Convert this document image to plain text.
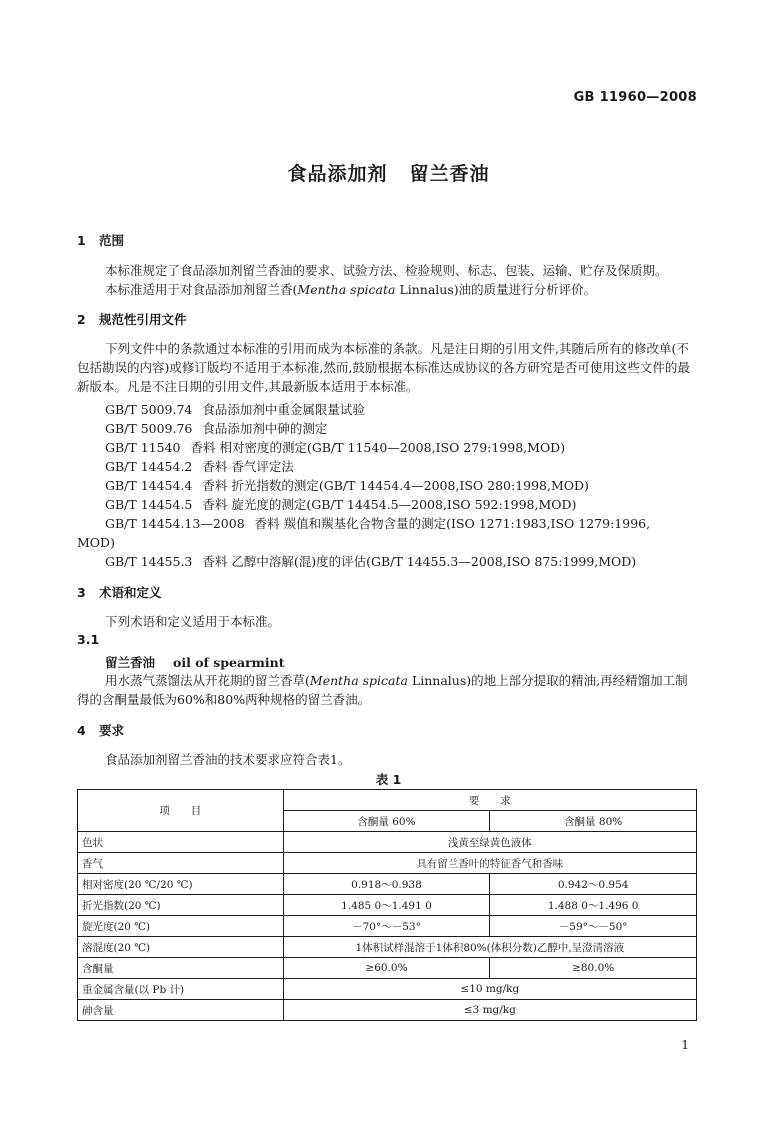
GB 11960—2008
食品添加剂 留兰香油
1 范围
本标准规定了食品添加剂留兰香油的要求、试验方法、检验规则、标志、包装、运输、贮存及保质期。
本标准适用于对食品添加剂留兰香(Mentha spicata Linnalus)油的质量进行分析评价。
2 规范性引用文件
下列文件中的条款通过本标准的引用而成为本标准的条款。凡是注日期的引用文件,其随后所有的修改单(不包括勘误的内容)或修订版均不适用于本标准,然而,鼓励根据本标准达成协议的各方研究是否可使用这些文件的最新版本。凡是不注日期的引用文件,其最新版本适用于本标准。
GB/T 5009.74 食品添加剂中重金属限量试验
GB/T 5009.76 食品添加剂中砷的测定
GB/T 11540 香料 相对密度的测定(GB/T 11540—2008,ISO 279:1998,MOD)
GB/T 14454.2 香料 香气评定法
GB/T 14454.4 香料 折光指数的测定(GB/T 14454.4—2008,ISO 280:1998,MOD)
GB/T 14454.5 香料 旋光度的测定(GB/T 14454.5—2008,ISO 592:1998,MOD)
GB/T 14454.13—2008 香料 羰值和羰基化合物含量的测定(ISO 1271:1983,ISO 1279:1996,
MOD)
GB/T 14455.3 香料 乙醇中溶解(混)度的评估(GB/T 14455.3—2008,ISO 875:1999,MOD)
3 术语和定义
下列术语和定义适用于本标准。
3.1
留兰香油 oil of spearmint
用水蒸气蒸馏法从开花期的留兰香草(Mentha spicata Linnalus)的地上部分提取的精油,再经精馏加工制得的含酮量最低为60%和80%两种规格的留兰香油。
4 要求
食品添加剂留兰香油的技术要求应符合表1。
表 1
项　　目	要　　求	
	含酮量 60%	含酮量 80%
色状	浅黄至绿黄色液体	
香气	具有留兰香叶的特征香气和香味	
相对密度(20 ℃/20 ℃)	0.918～0.938	0.942～0.954
折光指数(20 ℃)	1.485 0～1.491 0	1.488 0～1.496 0
旋光度(20 ℃)	－70°～－53°	－59°～－50°
溶混度(20 ℃)	1体积试样混溶于1体积80%(体积分数)乙醇中,呈澄清溶液	
含酮量	≥60.0%	≥80.0%
重金属含量(以 Pb 计)	≤10 mg/kg	
砷含量	≤3 mg/kg	
1
